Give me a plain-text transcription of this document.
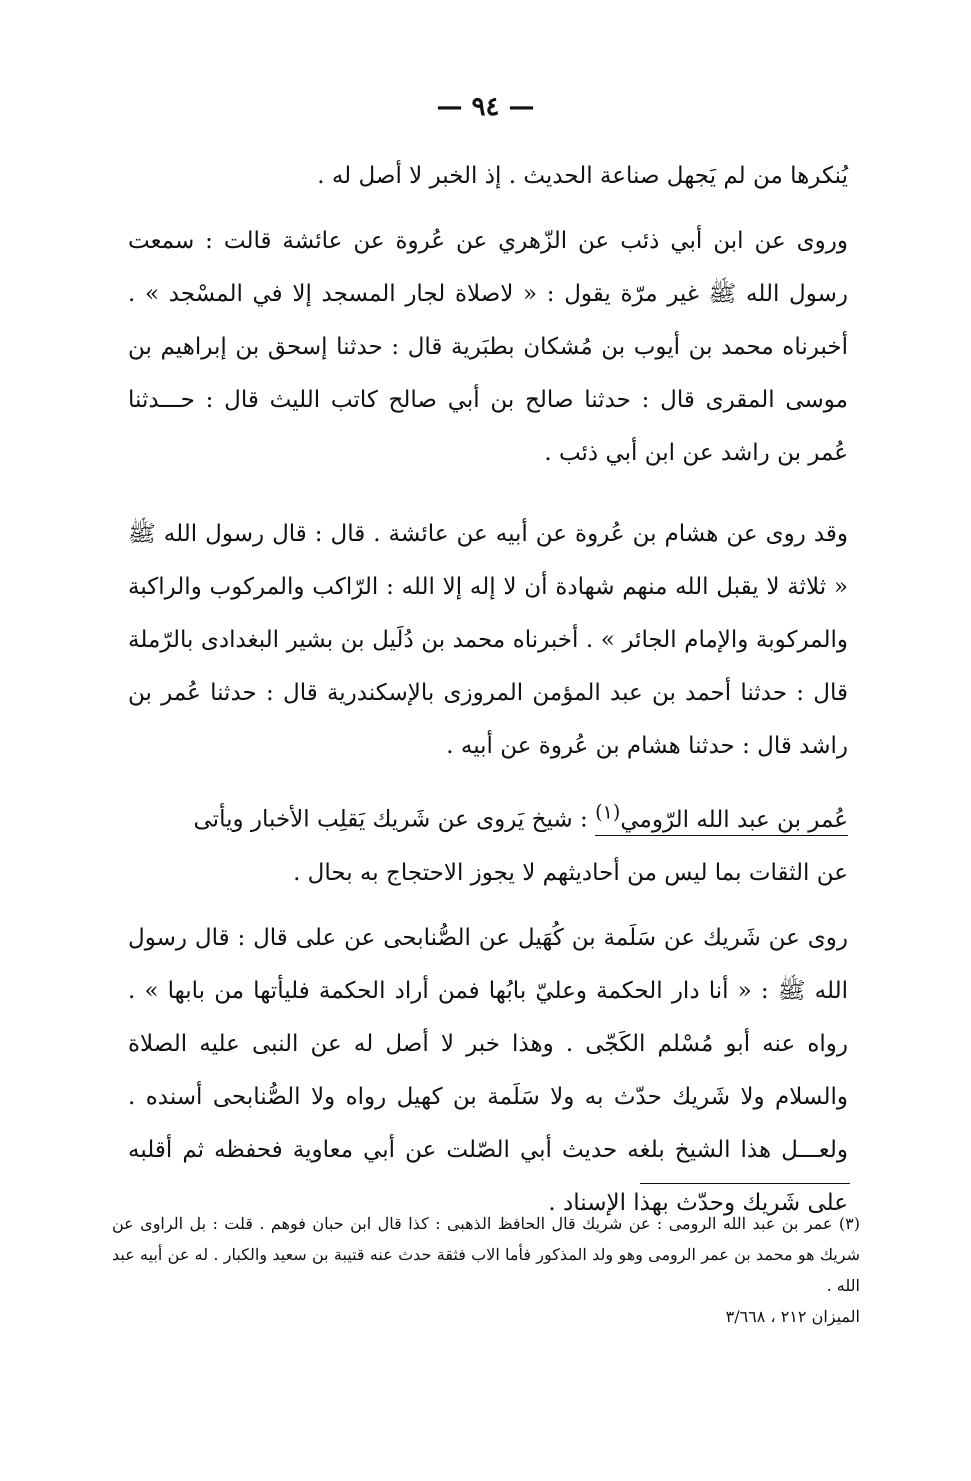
— ٩٤ —

يُنكرها من لم يَجهل صناعة الحديث . إذ الخبر لا أصل له .

وروى عن ابن أبي ذئب عن الزّهري عن عُروة عن عائشة قالت : سمعت رسول الله ﷺ غير مرّة يقول : « لاصلاة لجار المسجد إلا في المسْجد » . أخبرناه محمد بن أيوب بن مُشكان بطبَرية قال : حدثنا إسحق بن إبراهيم بن موسى المقرى قال : حدثنا صالح بن أبي صالح كاتب الليث قال : حـــدثنا عُمر بن راشد عن ابن أبي ذئب .

وقد روى عن هشام بن عُروة عن أبيه عن عائشة . قال : قال رسول الله ﷺ « ثلاثة لا يقبل الله منهم شهادة أن لا إله إلا الله : الرّاكب والمركوب والراكبة والمركوبة والإمام الجائر » . أخبرناه محمد بن دُلَيل بن بشير البغدادى بالرّملة قال : حدثنا أحمد بن عبد المؤمن المروزى بالإسكندرية قال : حدثنا عُمر بن راشد قال : حدثنا هشام بن عُروة عن أبيه .

عُمر بن عبد الله الرّومي$^{(١)}$ : شيخ يَروى عن شَريك يَقلِب الأخبار ويأتى

عن الثقات بما ليس من أحاديثهم لا يجوز الاحتجاج به بحال .

روى عن شَريك عن سَلَمة بن كُهَيل عن الصُّنابحى عن على قال : قال رسول الله ﷺ : « أنا دار الحكمة وعليّ بابُها فمن أراد الحكمة فليأتها من بابها » . رواه عنه أبو مُسْلم الكَجّى . وهذا خبر لا أصل له عن النبى عليه الصلاة والسلام ولا شَريك حدّث به ولا سَلَمة بن كهيل رواه ولا الصُّنابحى أسنده . ولعـــل هذا الشيخ بلغه حديث أبي الصّلت عن أبي معاوية فحفظه ثم أقلبه على شَريك وحدّث بهذا الإسناد .

(٣) عمر بن عبد الله الرومى : عن شريك قال الحافظ الذهبى : كذا قال ابن حبان فوهم . قلت : بل الراوى عن شريك هو محمد بن عمر الرومى وهو ولد المذكور فأما الاب فثقة حدث عنه قتيبة بن سعيد والكبار . له عن أبيه عبد الله .

الميزان ٢١٢ ، ٣/٦٦٨
